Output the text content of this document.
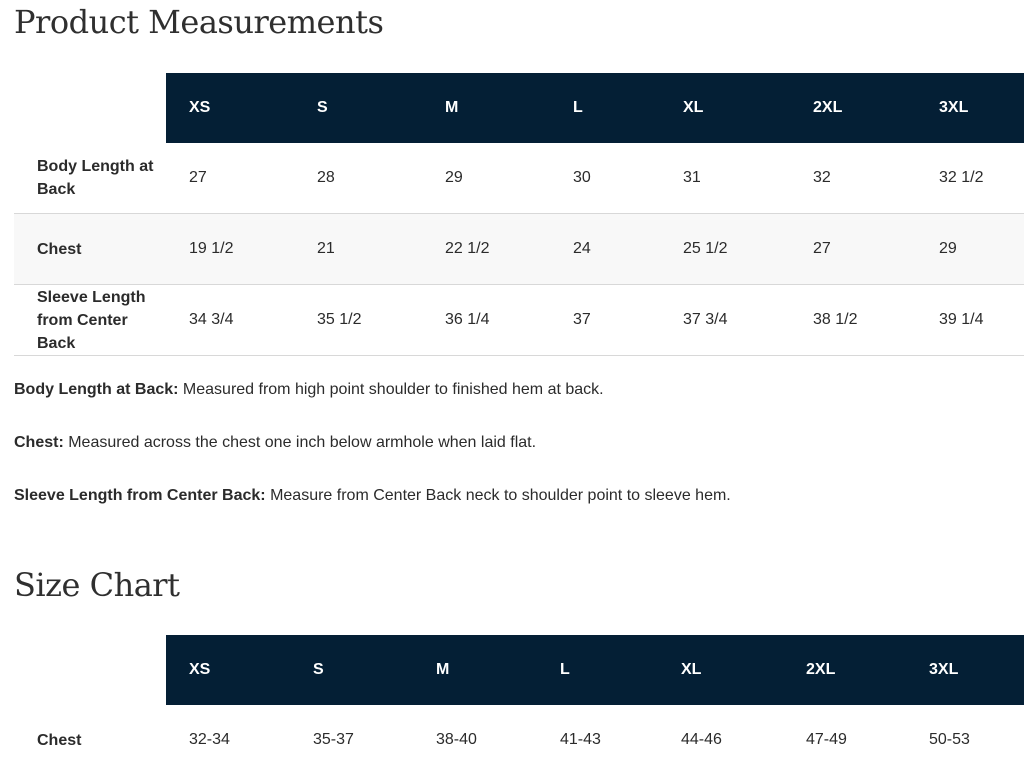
Product Measurements
	XS	S	M	L	XL	2XL	3XL
Body Length at Back	27	28	29	30	31	32	32 1/2
Chest	19 1/2	21	22 1/2	24	25 1/2	27	29
Sleeve Length from Center Back	34 3/4	35 1/2	36 1/4	37	37 3/4	38 1/2	39 1/4

Body Length at Back: Measured from high point shoulder to finished hem at back.

Chest: Measured across the chest one inch below armhole when laid flat.

Sleeve Length from Center Back: Measure from Center Back neck to shoulder point to sleeve hem.

Size Chart
	XS	S	M	L	XL	2XL	3XL
Chest	32-34	35-37	38-40	41-43	44-46	47-49	50-53
